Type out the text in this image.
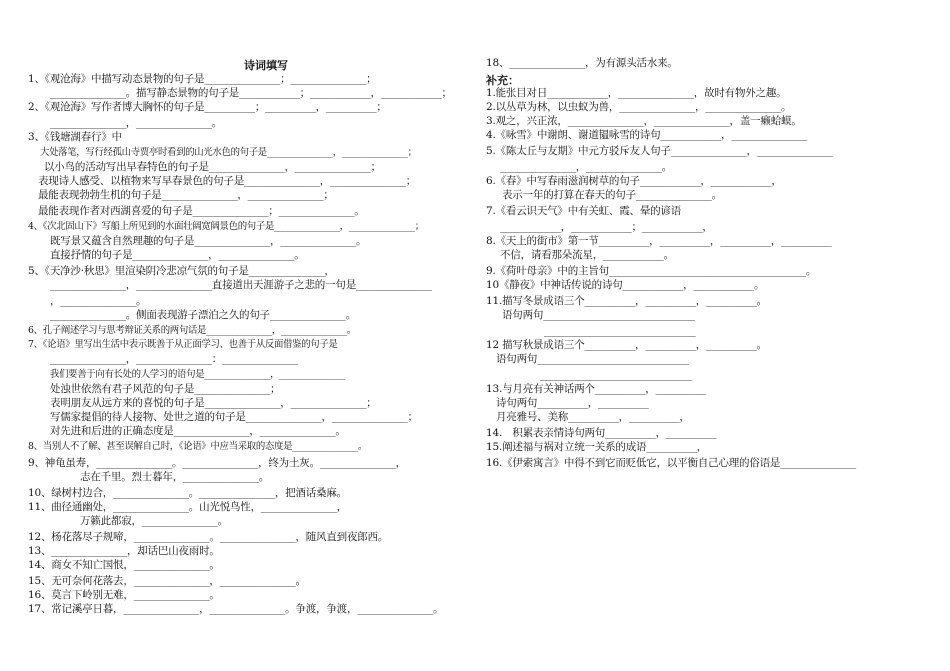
诗词填写
补充：
1、《观沧海》中描写动态景物的句子是_______________；_______________；
_______________。描写静态景物的句子是____________；____________，____________；
2、《观沧海》写作者博大胸怀的句子是__________；__________，__________；
_______________，_______________。
3、《钱塘湖春行》中
大处落笔，写行经孤山寺贾亭时看到的山光水色的句子是_______________，_______________；
以小鸟的活动写出早春特色的句子是_______________，_______________；
表现诗人感受、以植物来写早春景色的句子是_______________，_______________；
最能表现勃勃生机的句子是_______________，_______________；
最能表现作者对西湖喜爱的句子是_______________；_______________。
4、《次北固山下》写船上所见到的水面壮阔宽阔景色的句子是_______________，_______________；
既写景又蕴含自然理趣的句子是_______________，_______________。
直接抒情的句子是_______________，_______________。
5、《天净沙·秋思》里渲染阴冷悲凉气氛的句子是_______________，
_______________，_______________直接道出天涯游子之悲的一句是_______________
，_______________。
_______________。侧面表现游子漂泊之久的句子_______________。
6、孔子阐述学习与思考辩证关系的两句话是_______________，_______________。
7、《论语》里写出生活中表示既善于从正面学习、也善于从反面借鉴的句子是
_______________，_______________：_______________
我们要善于向有长处的人学习的语句是_______________，_______________
处浊世依然有君子风范的句子是_______________；
表明朋友从远方来的喜悦的句子是_______________，_______________；
写儒家提倡的待人接物、处世之道的句子是_______________，_______________；
对先进和后进的正确态度是_______________，_______________。
8、当别人不了解、甚至误解自己时，《论语》中应当采取的态度是_______________。
9、神龟虽寿，_______________。_______________，终为土灰。_______________，
志在千里。烈士暮年，_______________。
10、绿树村边合，_______________。_______________，把酒话桑麻。
11、曲径通幽处，_______________。山光悦鸟性，_______________，
万籁此都寂，_______________。
12、杨花落尽子规啼，_______________。_______________，随风直到夜郎西。
13、_______________，却话巴山夜雨时。
14、商女不知亡国恨，_______________。
15、无可奈何花落去，_______________，_______________。
16、莫言下岭别无难，_______________。
17、常记溪亭日暮，_______________，_______________。争渡，争渡，_______________。
18、_______________，为有源头活水来。
1.能张目对日____________，_______________，故时有物外之趣。
2.以丛草为林，以虫蚁为兽，_______________，_______________。
3.观之，兴正浓，_______________，_______________，盖一癞蛤蟆。
4.《咏雪》中谢朗、谢道韫咏雪的诗句____________，_______________
5.《陈太丘与友期》中元方驳斥友人句子_______________，_______________
_______________，_______________。
6.《春》中写春雨滋润树草的句子____________，____________，
表示一年的打算在春天的句子_______________。
7.《看云识天气》中有关虹、霞、晕的谚语
____________，____________；____________，
8.《天上的街市》第一节__________，__________，__________，__________
不信，请看那朵流星，____________。
9.《荷叶母亲》中的主旨句_______________________________________。
10《静夜》中神话传说的诗句____________，____________。
11.描写冬景成语三个__________，__________，__________。
语句两句______________________________
______________________________
12 描写秋景成语三个__________，__________，__________。
语句两句______________________________
______________________________
13.与月亮有关神话两个__________，__________
诗句两句__________，__________
月亮雅号、美称__________，__________，
14.　积累表亲情诗句两句__________，__________
15.阐述福与祸对立统一关系的成语__________，
16.《伊索寓言》中得不到它而贬低它，以平衡自己心理的俗语是_______________
